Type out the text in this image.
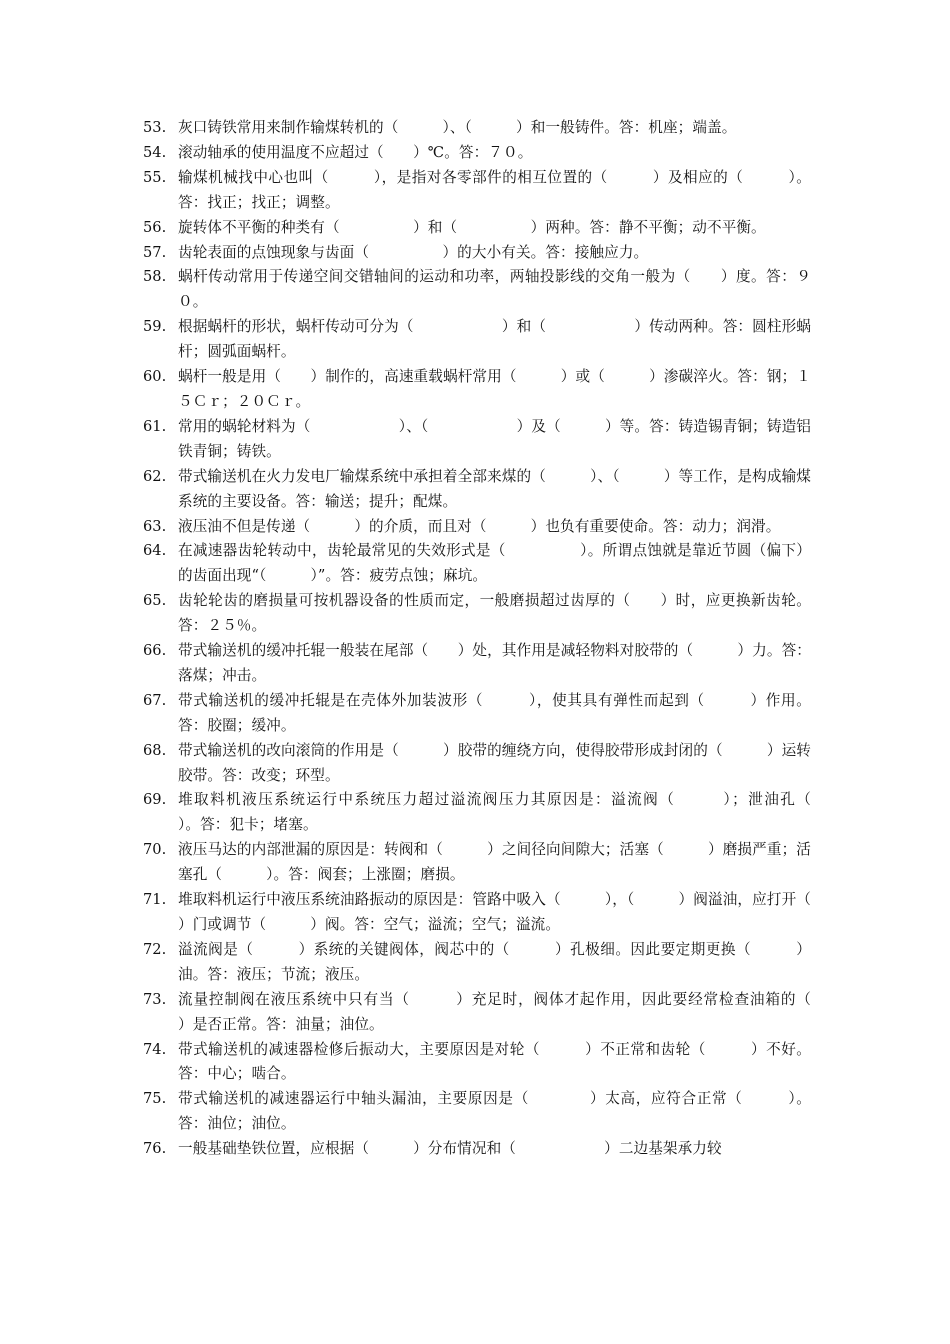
53. 灰口铸铁常用来制作输煤转机的（　　　）、（　　　）和一般铸件。答：机座；端盖。
54. 滚动轴承的使用温度不应超过（　　）℃。答：７０。
55. 输煤机械找中心也叫（　　　），是指对各零部件的相互位置的（　　　）及相应的（　　　）。答：找正；找正；调整。
56. 旋转体不平衡的种类有（　　　　　）和（　　　　　）两种。答：静不平衡；动不平衡。
57. 齿轮表面的点蚀现象与齿面（　　　　　）的大小有关。答：接触应力。
58. 蜗杆传动常用于传递空间交错轴间的运动和功率，两轴投影线的交角一般为（　　）度。答：９０。
59. 根据蜗杆的形状，蜗杆传动可分为（　　　　　　）和（　　　　　　）传动两种。答：圆柱形蜗杆；圆弧面蜗杆。
60. 蜗杆一般是用（　　）制作的，高速重载蜗杆常用（　　　）或（　　　）渗碳淬火。答：钢；１５Ｃｒ；２０Ｃｒ。
61. 常用的蜗轮材料为（　　　　　　）、（　　　　　　）及（　　　）等。答：铸造锡青铜；铸造铝铁青铜；铸铁。
62. 带式输送机在火力发电厂输煤系统中承担着全部来煤的（　　　）、（　　　）等工作，是构成输煤系统的主要设备。答：输送；提升；配煤。
63. 液压油不但是传递（　　　）的介质，而且对（　　　）也负有重要使命。答：动力；润滑。
64. 在减速器齿轮转动中，齿轮最常见的失效形式是（　　　　　）。所谓点蚀就是靠近节圆（偏下）的齿面出现“（　　　）”。答：疲劳点蚀；麻坑。
65. 齿轮轮齿的磨损量可按机器设备的性质而定，一般磨损超过齿厚的（　　）时，应更换新齿轮。答：２５％。
66. 带式输送机的缓冲托辊一般装在尾部（　　）处，其作用是减轻物料对胶带的（　　　）力。答：落煤；冲击。
67. 带式输送机的缓冲托辊是在壳体外加装波形（　　　），使其具有弹性而起到（　　　）作用。答：胶圈；缓冲。
68. 带式输送机的改向滚筒的作用是（　　　）胶带的缠绕方向，使得胶带形成封闭的（　　　）运转胶带。答：改变；环型。
69. 堆取料机液压系统运行中系统压力超过溢流阀压力其原因是：溢流阀（　　　）；泄油孔（　　　）。答：犯卡；堵塞。
70. 液压马达的内部泄漏的原因是：转阀和（　　　）之间径向间隙大；活塞（　　　）磨损严重；活塞孔（　　　）。答：阀套；上涨圈；磨损。
71. 堆取料机运行中液压系统油路振动的原因是：管路中吸入（　　　），（　　　）阀溢油，应打开（　　　）门或调节（　　　）阀。答：空气；溢流；空气；溢流。
72. 溢流阀是（　　　）系统的关键阀体，阀芯中的（　　　）孔极细。因此要定期更换（　　　）油。答：液压；节流；液压。
73. 流量控制阀在液压系统中只有当（　　　）充足时，阀体才起作用，因此要经常检查油箱的（　　　）是否正常。答：油量；油位。
74. 带式输送机的减速器检修后振动大，主要原因是对轮（　　　）不正常和齿轮（　　　）不好。答：中心；啮合。
75. 带式输送机的减速器运行中轴头漏油，主要原因是（　　　　）太高，应符合正常（　　　）。答：油位；油位。
76. 一般基础垫铁位置，应根据（　　　）分布情况和（　　　　　　）二边基架承力较
